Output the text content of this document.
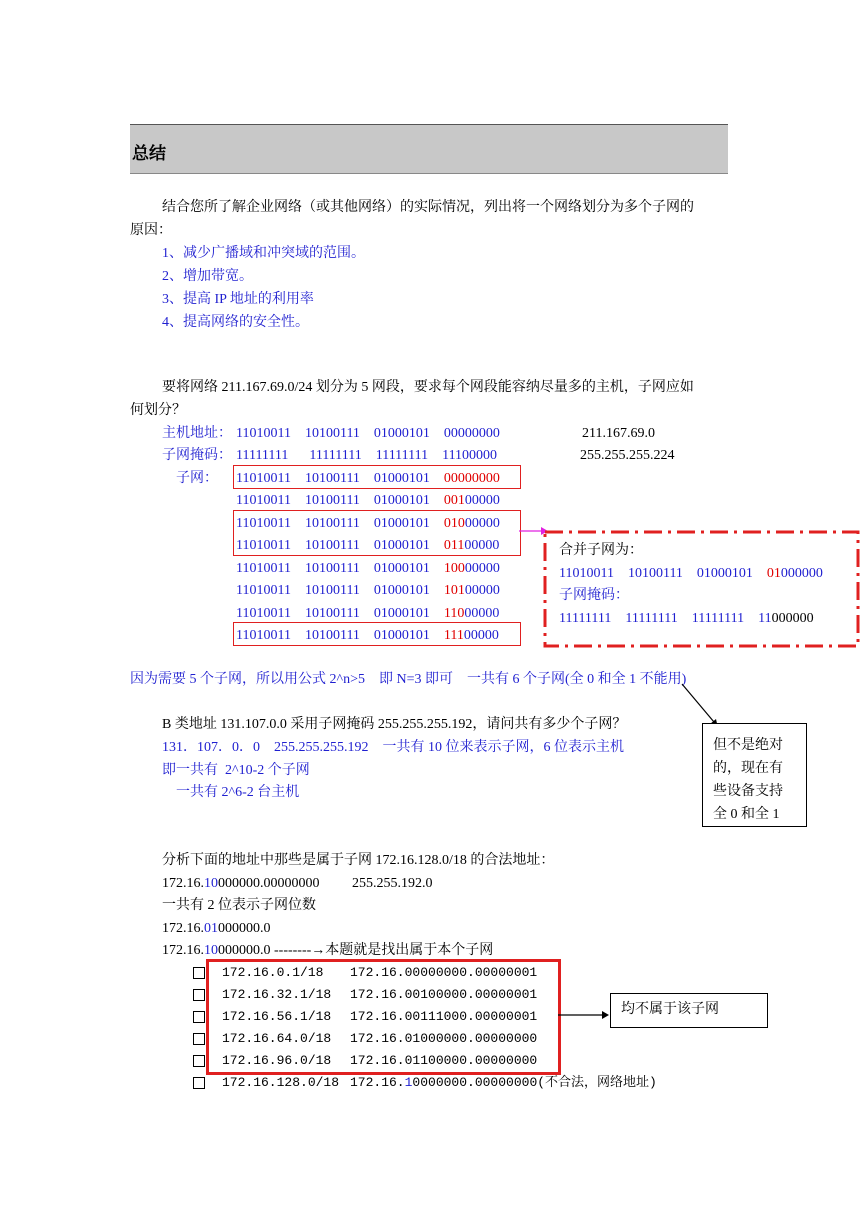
总结
结合您所了解企业网络（或其他网络）的实际情况，列出将一个网络划分为多个子网的
原因：
1、减少广播域和冲突域的范围。
2、增加带宽。
3、提高 IP 地址的利用率
4、提高网络的安全性。
要将网络 211.167.69.0/24 划分为 5 网段，要求每个网段能容纳尽量多的主机，子网应如
何划分？
主机地址： 11010011    10100111    01000101    00000000	211.167.69.0
子网掩码： 11111111      11111111    11111111    11100000	255.255.255.224
子网： 11010011    10100111    01000101    00000000
11010011    10100111    01000101    00100000
11010011    10100111    01000101    01000000
11010011    10100111    01000101    01100000
11010011    10100111    01000101    10000000
11010011    10100111    01000101    10100000
11010011    10100111    01000101    11000000
11010011    10100111    01000101    11100000
合并子网为：
11010011    10100111    01000101    01000000
子网掩码：
11111111    11111111    11111111    11000000
因为需要 5 个子网，所以用公式 2^n>5    即 N=3 即可    一共有 6 个子网(全 0 和全 1 不能用)
但不是绝对
的，现在有
些设备支持
全 0 和全 1
B 类地址 131.107.0.0 采用子网掩码 255.255.255.192，请问共有多少个子网？
131．107．0．0    255.255.255.192    一共有 10 位来表示子网，6 位表示主机
即一共有  2^10-2 个子网
一共有 2^6-2 台主机
分析下面的地址中那些是属于子网 172.16.128.0/18 的合法地址：
172.16.10000000.00000000 255.255.192.0
一共有 2 位表示子网位数
172.16.01000000.0
172.16.10000000.0 --------→本题就是找出属于本个子网
172.16.0.1/18 172.16.00000000.00000001
172.16.32.1/18 172.16.00100000.00000001
172.16.56.1/18 172.16.00111000.00000001
172.16.64.0/18 172.16.01000000.00000000
172.16.96.0/18 172.16.01100000.00000000
172.16.128.0/18 172.16.10000000.00000000(不合法，网络地址)
均不属于该子网
